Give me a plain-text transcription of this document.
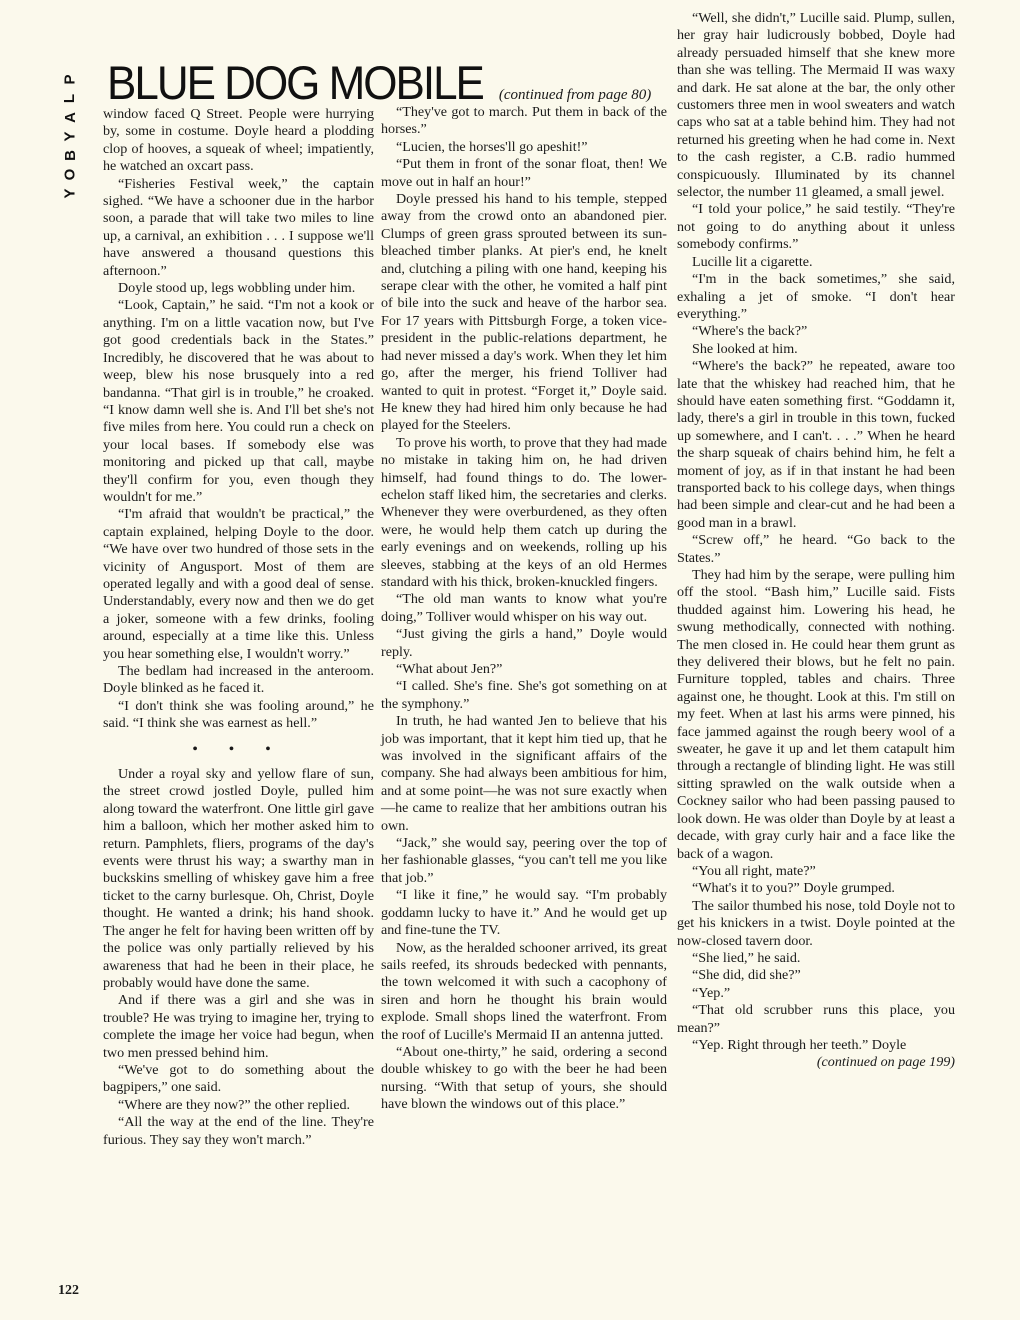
P
L
A
Y
B
O
Y
BLUE DOG MOBILE (continued from page 80)

window faced Q Street. People were hurrying by, some in costume. Doyle heard a plodding clop of hooves, a squeak of wheel; impatiently, he watched an oxcart pass.

“Fisheries Festival week,” the captain sighed. “We have a schooner due in the harbor soon, a parade that will take two miles to line up, a carnival, an exhibition . . . I suppose we'll have answered a thousand questions this afternoon.”

Doyle stood up, legs wobbling under him.

“Look, Captain,” he said. “I'm not a kook or anything. I'm on a little vacation now, but I've got good credentials back in the States.” Incredibly, he discovered that he was about to weep, blew his nose brusquely into a red bandanna. “That girl is in trouble,” he croaked. “I know damn well she is. And I'll bet she's not five miles from here. You could run a check on your local bases. If somebody else was monitoring and picked up that call, maybe they'll confirm for you, even though they wouldn't for me.”

“I'm afraid that wouldn't be practical,” the captain explained, helping Doyle to the door. “We have over two hundred of those sets in the vicinity of Angusport. Most of them are operated legally and with a good deal of sense. Understandably, every now and then we do get a joker, someone with a few drinks, fooling around, especially at a time like this. Unless you hear something else, I wouldn't worry.”

The bedlam had increased in the anteroom. Doyle blinked as he faced it.

“I don't think she was fooling around,” he said. “I think she was earnest as hell.”

• • •

Under a royal sky and yellow flare of sun, the street crowd jostled Doyle, pulled him along toward the waterfront. One little girl gave him a balloon, which her mother asked him to return. Pamphlets, fliers, programs of the day's events were thrust his way; a swarthy man in buckskins smelling of whiskey gave him a free ticket to the carny burlesque. Oh, Christ, Doyle thought. He wanted a drink; his hand shook. The anger he felt for having been written off by the police was only partially relieved by his awareness that had he been in their place, he probably would have done the same.

And if there was a girl and she was in trouble? He was trying to imagine her, trying to complete the image her voice had begun, when two men pressed behind him.

“We've got to do something about the bagpipers,” one said.

“Where are they now?” the other replied.

“All the way at the end of the line. They're furious. They say they won't march.”

“They've got to march. Put them in back of the horses.”

“Lucien, the horses'll go apeshit!”

“Put them in front of the sonar float, then! We move out in half an hour!”

Doyle pressed his hand to his temple, stepped away from the crowd onto an abandoned pier. Clumps of green grass sprouted between its sun-bleached timber planks. At pier's end, he knelt and, clutching a piling with one hand, keeping his serape clear with the other, he vomited a half pint of bile into the suck and heave of the harbor sea. For 17 years with Pittsburgh Forge, a token vice-president in the public-relations department, he had never missed a day's work. When they let him go, after the merger, his friend Tolliver had wanted to quit in protest. “Forget it,” Doyle said. He knew they had hired him only because he had played for the Steelers.

To prove his worth, to prove that they had made no mistake in taking him on, he had driven himself, had found things to do. The lower-echelon staff liked him, the secretaries and clerks. Whenever they were overburdened, as they often were, he would help them catch up during the early evenings and on weekends, rolling up his sleeves, stabbing at the keys of an old Hermes standard with his thick, broken-knuckled fingers.

“The old man wants to know what you're doing,” Tolliver would whisper on his way out.

“Just giving the girls a hand,” Doyle would reply.

“What about Jen?”

“I called. She's fine. She's got something on at the symphony.”

In truth, he had wanted Jen to believe that his job was important, that it kept him tied up, that he was involved in the significant affairs of the company. She had always been ambitious for him, and at some point—he was not sure exactly when—he came to realize that her ambitions outran his own.

“Jack,” she would say, peering over the top of her fashionable glasses, “you can't tell me you like that job.”

“I like it fine,” he would say. “I'm probably goddamn lucky to have it.” And he would get up and fine-tune the TV.

Now, as the heralded schooner arrived, its great sails reefed, its shrouds bedecked with pennants, the town welcomed it with such a cacophony of siren and horn he thought his brain would explode. Small shops lined the waterfront. From the roof of Lucille's Mermaid II an antenna jutted.

“About one-thirty,” he said, ordering a second double whiskey to go with the beer he had been nursing. “With that setup of yours, she should have blown the windows out of this place.”

“Well, she didn't,” Lucille said. Plump, sullen, her gray hair ludicrously bobbed, Doyle had already persuaded himself that she knew more than she was telling. The Mermaid II was waxy and dark. He sat alone at the bar, the only other customers three men in wool sweaters and watch caps who sat at a table behind him. They had not returned his greeting when he had come in. Next to the cash register, a C.B. radio hummed conspicuously. Illuminated by its channel selector, the number 11 gleamed, a small jewel.

“I told your police,” he said testily. “They're not going to do anything about it unless somebody confirms.”

Lucille lit a cigarette.

“I'm in the back sometimes,” she said, exhaling a jet of smoke. “I don't hear everything.”

“Where's the back?”

She looked at him.

“Where's the back?” he repeated, aware too late that the whiskey had reached him, that he should have eaten something first. “Goddamn it, lady, there's a girl in trouble in this town, fucked up somewhere, and I can't. . . .” When he heard the sharp squeak of chairs behind him, he felt a moment of joy, as if in that instant he had been transported back to his college days, when things had been simple and clear-cut and he had been a good man in a brawl.

“Screw off,” he heard. “Go back to the States.”

They had him by the serape, were pulling him off the stool. “Bash him,” Lucille said. Fists thudded against him. Lowering his head, he swung methodically, connected with nothing. The men closed in. He could hear them grunt as they delivered their blows, but he felt no pain. Furniture toppled, tables and chairs. Three against one, he thought. Look at this. I'm still on my feet. When at last his arms were pinned, his face jammed against the rough beery wool of a sweater, he gave it up and let them catapult him through a rectangle of blinding light. He was still sitting sprawled on the walk outside when a Cockney sailor who had been passing paused to look down. He was older than Doyle by at least a decade, with gray curly hair and a face like the back of a wagon.

“You all right, mate?”

“What's it to you?” Doyle grumped.

The sailor thumbed his nose, told Doyle not to get his knickers in a twist. Doyle pointed at the now-closed tavern door.

“She lied,” he said.

“She did, did she?”

“Yep.”

“That old scrubber runs this place, you mean?”

“Yep. Right through her teeth.” Doyle

(continued on page 199)

122
